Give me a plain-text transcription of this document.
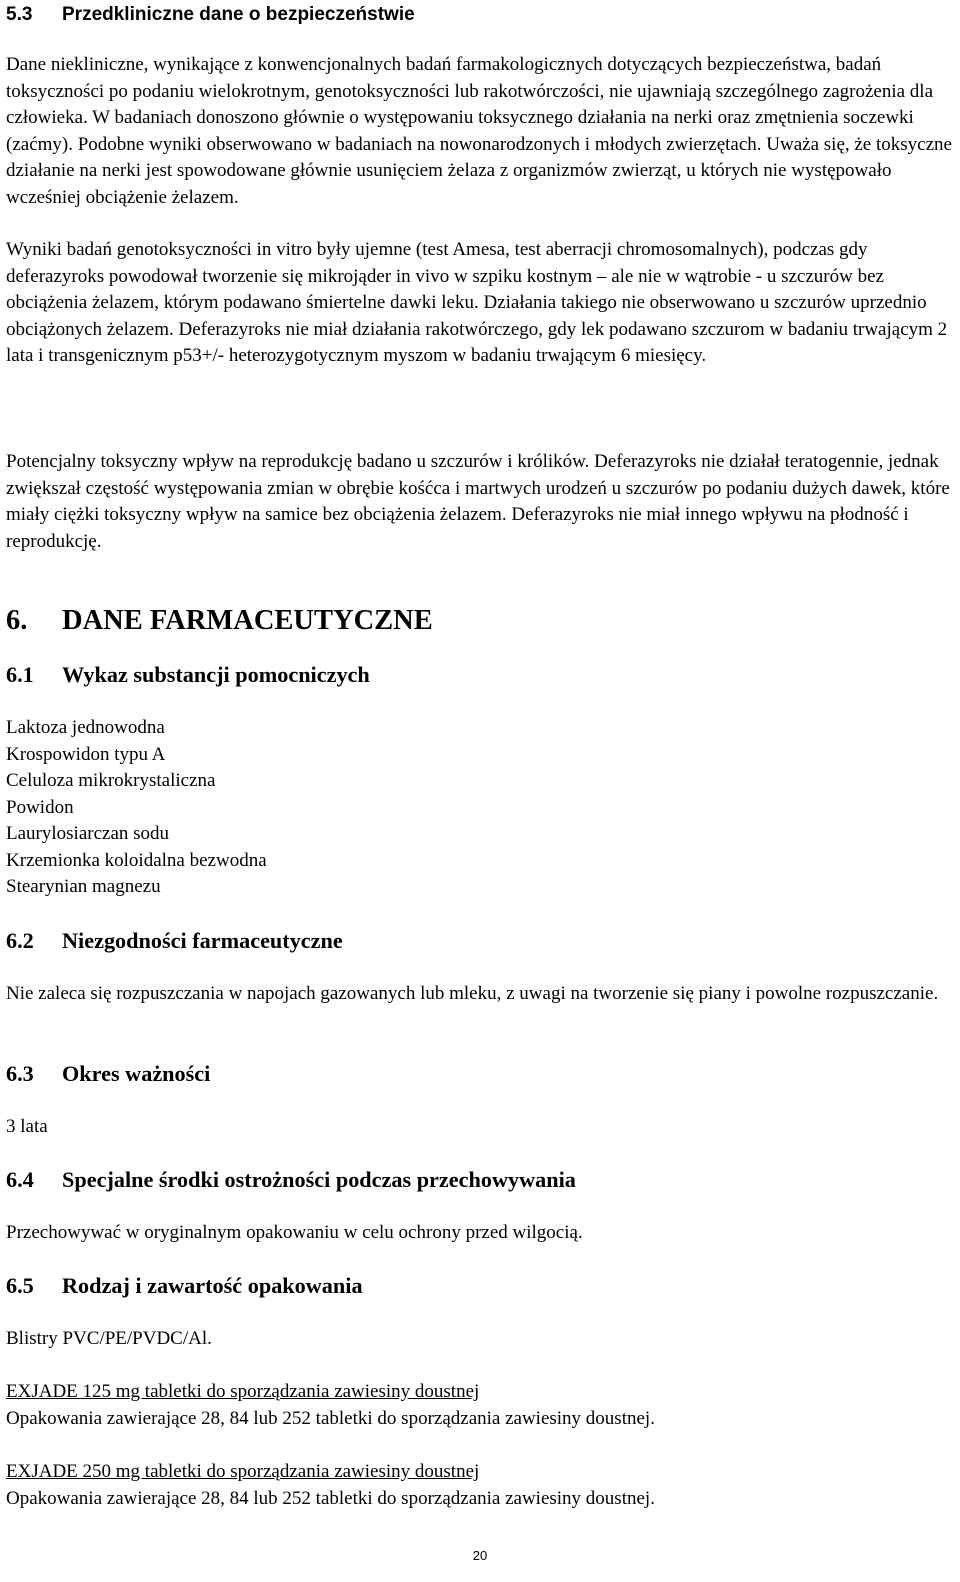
5.3 Przedkliniczne dane o bezpieczeństwie

Dane niekliniczne, wynikające z konwencjonalnych badań farmakologicznych dotyczących bezpieczeństwa, badań toksyczności po podaniu wielokrotnym, genotoksyczności lub rakotwórczości, nie ujawniają szczególnego zagrożenia dla człowieka. W badaniach donoszono głównie o występowaniu toksycznego działania na nerki oraz zmętnienia soczewki (zaćmy). Podobne wyniki obserwowano w badaniach na nowonarodzonych i młodych zwierzętach. Uważa się, że toksyczne działanie na nerki jest spowodowane głównie usunięciem żelaza z organizmów zwierząt, u których nie występowało wcześniej obciążenie żelazem.

Wyniki badań genotoksyczności in vitro były ujemne (test Amesa, test aberracji chromosomalnych), podczas gdy deferazyroks powodował tworzenie się mikrojąder in vivo w szpiku kostnym – ale nie w wątrobie - u szczurów bez obciążenia żelazem, którym podawano śmiertelne dawki leku. Działania takiego nie obserwowano u szczurów uprzednio obciążonych żelazem. Deferazyroks nie miał działania rakotwórczego, gdy lek podawano szczurom w badaniu trwającym 2 lata i transgenicznym p53+/- heterozygotycznym myszom w badaniu trwającym 6 miesięcy.

Potencjalny toksyczny wpływ na reprodukcję badano u szczurów i królików. Deferazyroks nie działał teratogennie, jednak zwiększał częstość występowania zmian w obrębie kośćca i martwych urodzeń u szczurów po podaniu dużych dawek, które miały ciężki toksyczny wpływ na samice bez obciążenia żelazem. Deferazyroks nie miał innego wpływu na płodność i reprodukcję.

6. DANE FARMACEUTYCZNE
6.1 Wykaz substancji pomocniczych
Laktoza jednowodna
Krospowidon typu A
Celuloza mikrokrystaliczna
Powidon
Laurylosiarczan sodu
Krzemionka koloidalna bezwodna
Stearynian magnezu
6.2 Niezgodności farmaceutyczne

Nie zaleca się rozpuszczania w napojach gazowanych lub mleku, z uwagi na tworzenie się piany i powolne rozpuszczanie.

6.3 Okres ważności

3 lata

6.4 Specjalne środki ostrożności podczas przechowywania

Przechowywać w oryginalnym opakowaniu w celu ochrony przed wilgocią.

6.5 Rodzaj i zawartość opakowania

Blistry PVC/PE/PVDC/Al.

EXJADE 125 mg tabletki do sporządzania zawiesiny doustnej
Opakowania zawierające 28, 84 lub 252 tabletki do sporządzania zawiesiny doustnej.
EXJADE 250 mg tabletki do sporządzania zawiesiny doustnej
Opakowania zawierające 28, 84 lub 252 tabletki do sporządzania zawiesiny doustnej.
20
